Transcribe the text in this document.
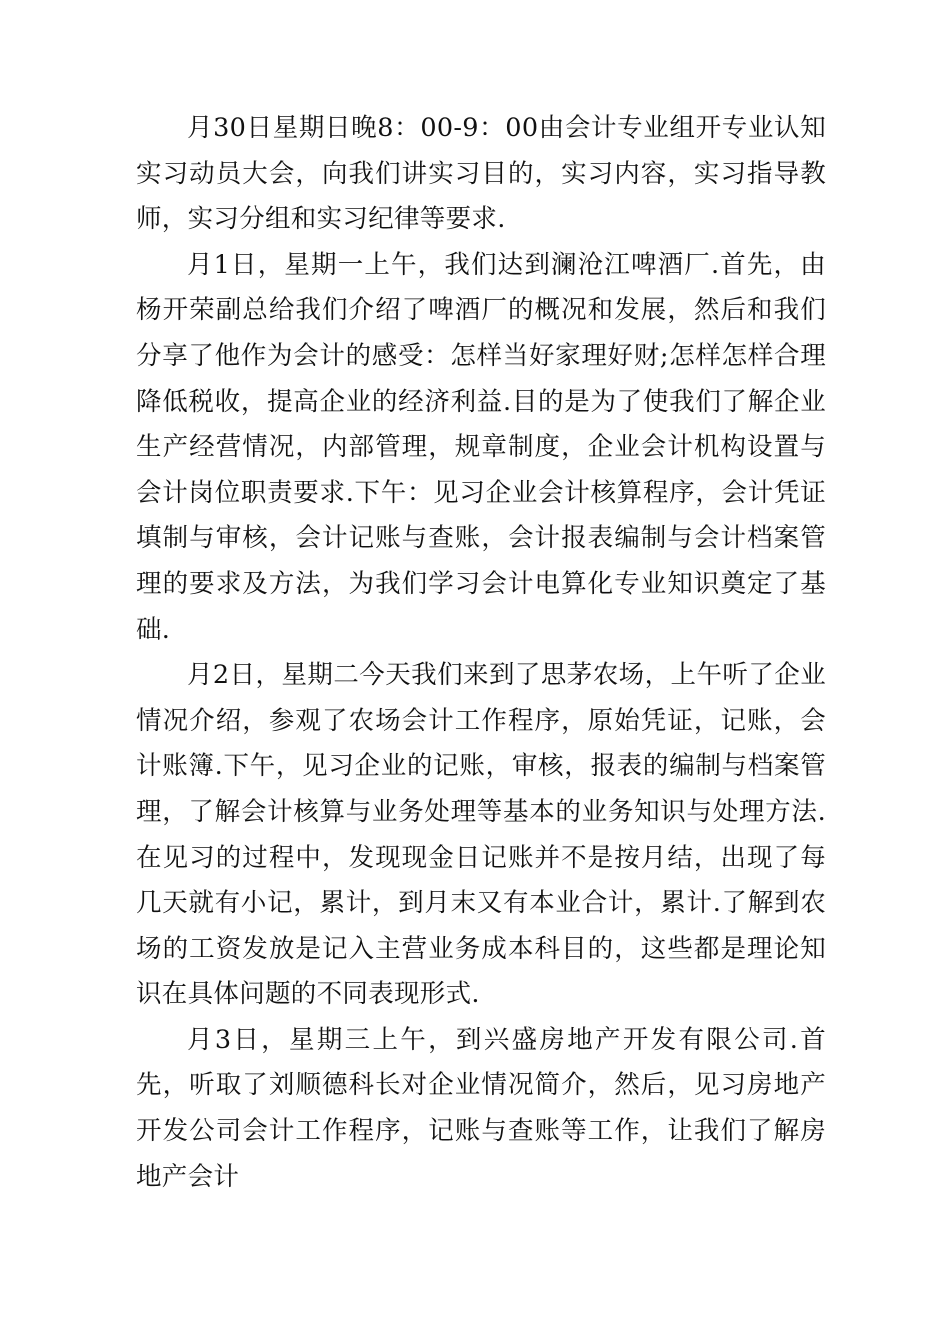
月30日星期日晚8：00-9：00由会计专业组开专业认知实习动员大会，向我们讲实习目的，实习内容，实习指导教师，实习分组和实习纪律等要求.

月1日，星期一上午，我们达到澜沧江啤酒厂.首先，由杨开荣副总给我们介绍了啤酒厂的概况和发展，然后和我们分享了他作为会计的感受：怎样当好家理好财;怎样怎样合理降低税收，提高企业的经济利益.目的是为了使我们了解企业生产经营情况，内部管理，规章制度，企业会计机构设置与会计岗位职责要求.下午：见习企业会计核算程序，会计凭证填制与审核，会计记账与查账，会计报表编制与会计档案管理的要求及方法，为我们学习会计电算化专业知识奠定了基础.

月2日，星期二今天我们来到了思茅农场，上午听了企业情况介绍，参观了农场会计工作程序，原始凭证，记账，会计账簿.下午，见习企业的记账，审核，报表的编制与档案管理，了解会计核算与业务处理等基本的业务知识与处理方法.在见习的过程中，发现现金日记账并不是按月结，出现了每几天就有小记，累计，到月末又有本业合计，累计.了解到农场的工资发放是记入主营业务成本科目的，这些都是理论知识在具体问题的不同表现形式.

月3日，星期三上午，到兴盛房地产开发有限公司.首先，听取了刘顺德科长对企业情况简介，然后，见习房地产开发公司会计工作程序，记账与查账等工作，让我们了解房地产会计
